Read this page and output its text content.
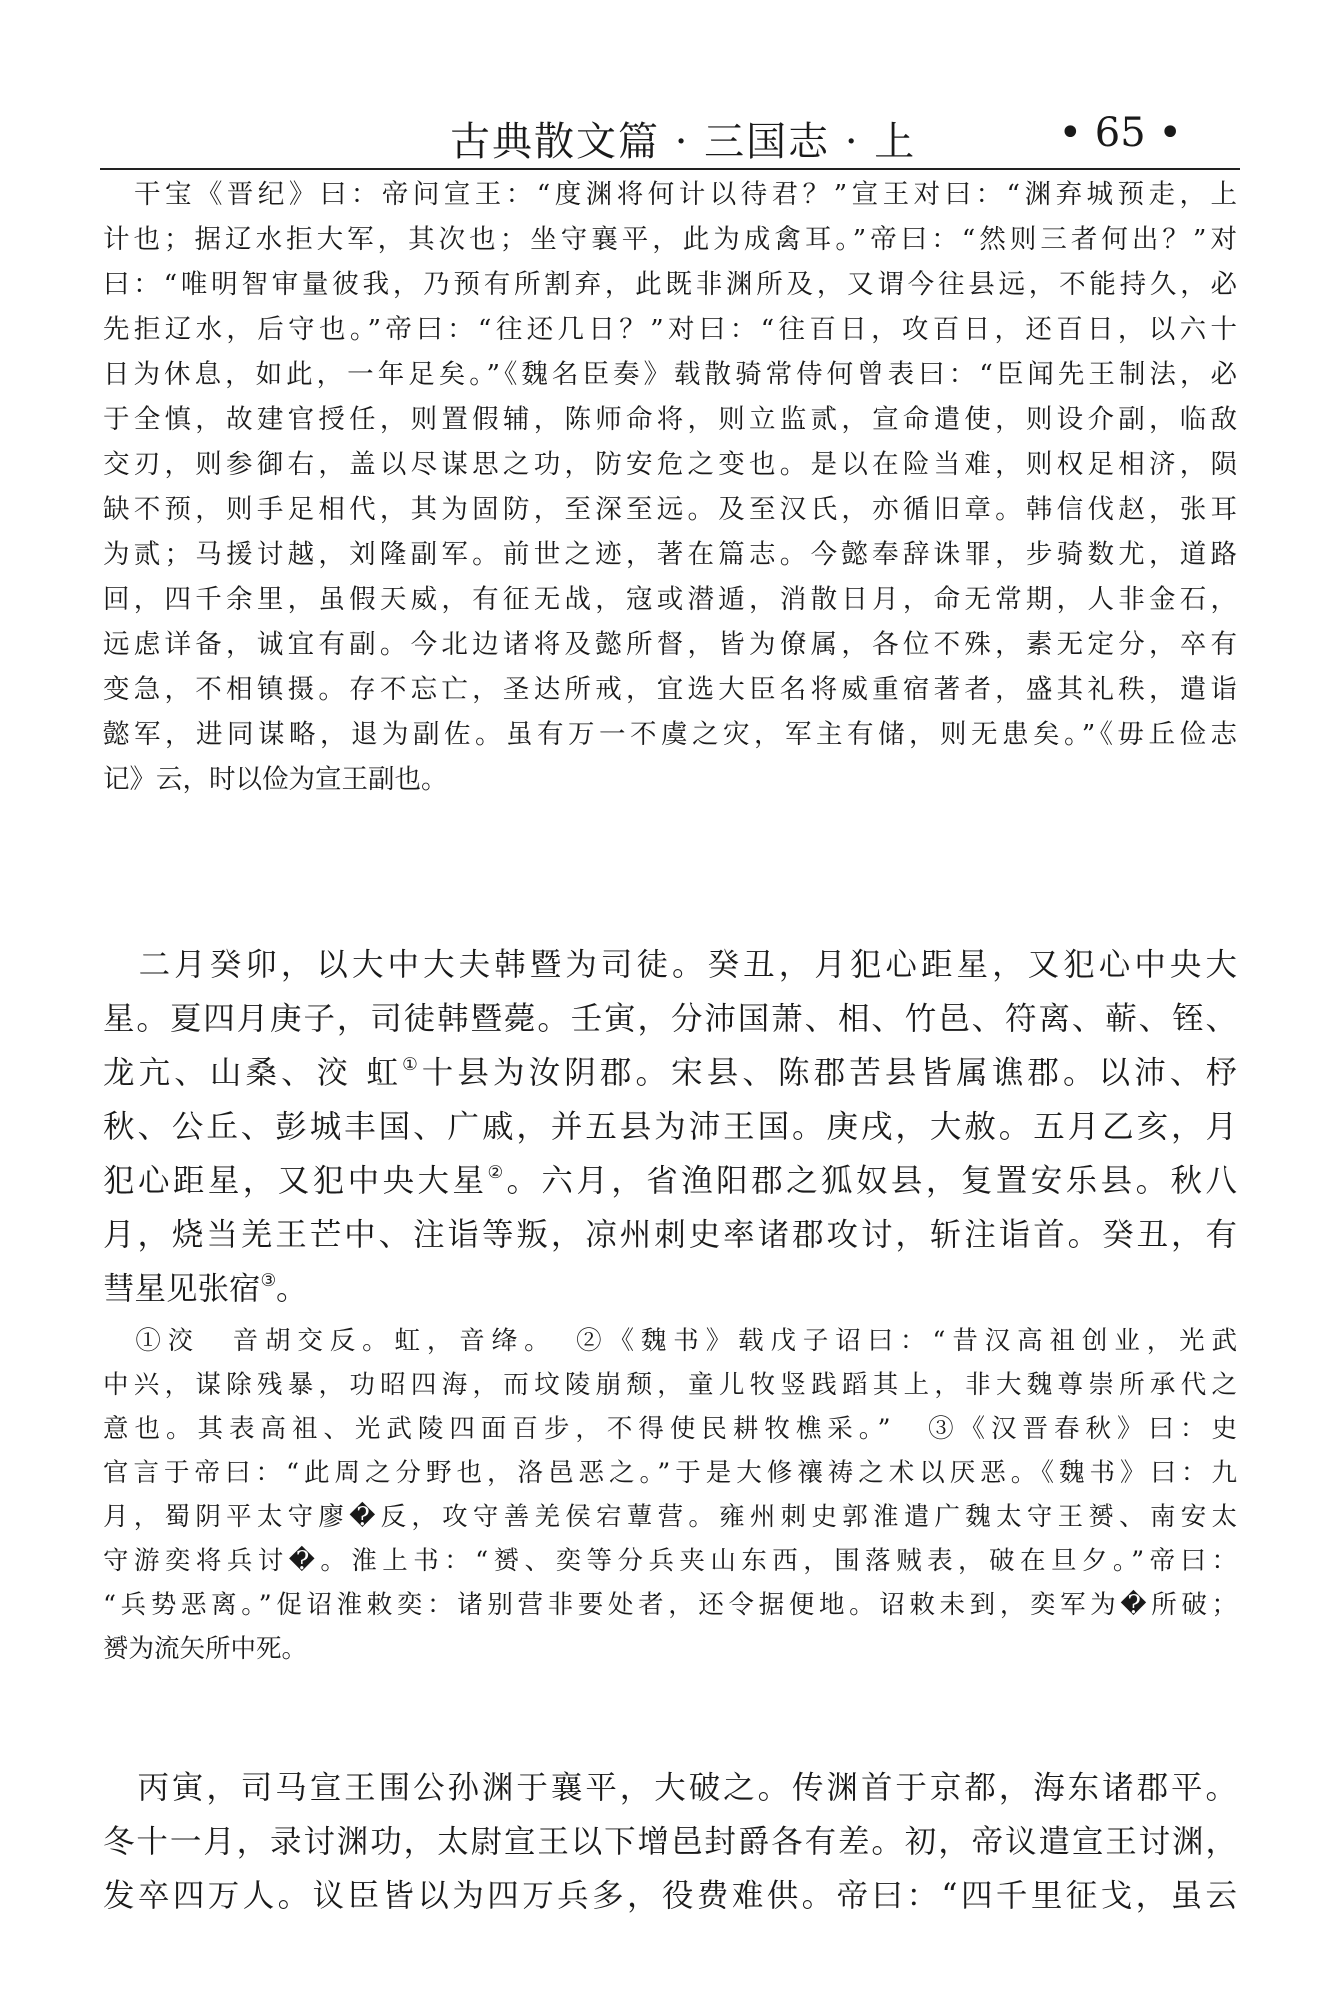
古典散文篇 · 三国志 · 上	• 65 •
　干宝《晋纪》曰：帝问宣王：“度渊将何计以待君？”宣王对曰：“渊弃城预走，上
计也；据辽水拒大军，其次也；坐守襄平，此为成禽耳。”帝曰：“然则三者何出？”对
曰：“唯明智审量彼我，乃预有所割弃，此既非渊所及，又谓今往县远，不能持久，必
先拒辽水，后守也。”帝曰：“往还几日？”对曰：“往百日，攻百日，还百日，以六十
日为休息，如此，一年足矣。”《魏名臣奏》载散骑常侍何曾表曰：“臣闻先王制法，必
于全慎，故建官授任，则置假辅，陈师命将，则立监贰，宣命遣使，则设介副，临敌
交刃，则参御右，盖以尽谋思之功，防安危之变也。是以在险当难，则权足相济，陨
缺不预，则手足相代，其为固防，至深至远。及至汉氏，亦循旧章。韩信伐赵，张耳
为贰；马援讨越，刘隆副军。前世之迹，著在篇志。今懿奉辞诛罪，步骑数尤，道路
回，四千余里，虽假天威，有征无战，寇或潜遁，消散日月，命无常期，人非金石，
远虑详备，诚宜有副。今北边诸将及懿所督，皆为僚属，各位不殊，素无定分，卒有
变急，不相镇摄。存不忘亡，圣达所戒，宜选大臣名将威重宿著者，盛其礼秩，遣诣
懿军，进同谋略，退为副佐。虽有万一不虞之灾，军主有储，则无患矣。”《毋丘俭志
记》云，时以俭为宣王副也。
　二月癸卯，以大中大夫韩暨为司徒。癸丑，月犯心距星，又犯心中央大
星。夏四月庚子，司徒韩暨薨。壬寅，分沛国萧、相、竹邑、符离、蕲、铚、
龙亢、山桑、洨 虹①十县为汝阴郡。宋县、陈郡苦县皆属谯郡。以沛、杼
秋、公丘、彭城丰国、广戚，并五县为沛王国。庚戌，大赦。五月乙亥，月
犯心距星，又犯中央大星②。六月，省渔阳郡之狐奴县，复置安乐县。秋八
月，烧当羌王芒中、注诣等叛，凉州刺史率诸郡攻讨，斩注诣首。癸丑，有
彗星见张宿③。
　①洨　音胡交反。虹，音绛。　②《魏书》载戊子诏曰：“昔汉高祖创业，光武
中兴，谋除残暴，功昭四海，而坟陵崩颓，童儿牧竖践蹈其上，非大魏尊崇所承代之
意也。其表高祖、光武陵四面百步，不得使民耕牧樵采。”　③《汉晋春秋》曰：史
官言于帝曰：“此周之分野也，洛邑恶之。”于是大修禳祷之术以厌恶。《魏书》曰：九
月，蜀阴平太守廖�反，攻守善羌侯宕蕈营。雍州刺史郭淮遣广魏太守王赟、南安太
守游奕将兵讨�。淮上书：“赟、奕等分兵夹山东西，围落贼表，破在旦夕。”帝曰：
“兵势恶离。”促诏淮敕奕：诸别营非要处者，还令据便地。诏敕未到，奕军为�所破；
赟为流矢所中死。
　丙寅，司马宣王围公孙渊于襄平，大破之。传渊首于京都，海东诸郡平。
冬十一月，录讨渊功，太尉宣王以下增邑封爵各有差。初，帝议遣宣王讨渊，
发卒四万人。议臣皆以为四万兵多，役费难供。帝曰：“四千里征戈，虽云
